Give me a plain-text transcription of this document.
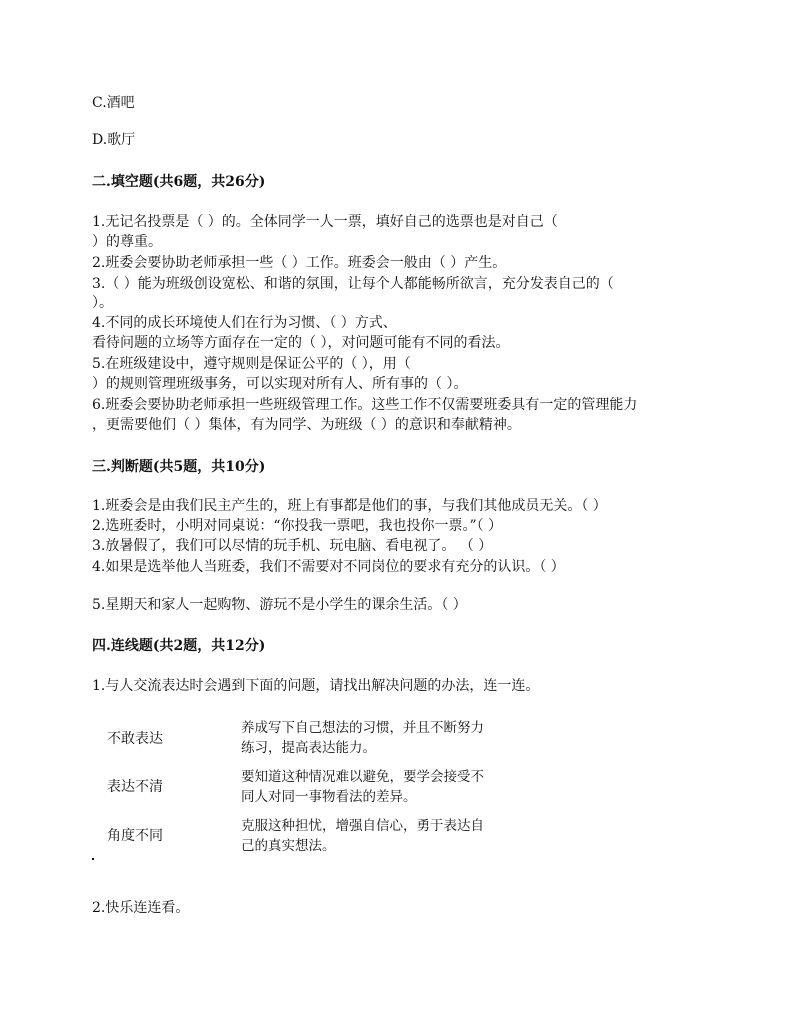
C.酒吧
D.歌厅
二.填空题(共6题，共26分)
1.无记名投票是（ ）的。全体同学一人一票，填好自己的选票也是对自己（
）的尊重。
2.班委会要协助老师承担一些（ ）工作。班委会一般由（ ）产生。
3.（ ）能为班级创设宽松、和谐的氛围，让每个人都能畅所欲言，充分发表自己的（
）。
4.不同的成长环境使人们在行为习惯、（ ）方式、
看待问题的立场等方面存在一定的（ ），对问题可能有不同的看法。
5.在班级建设中，遵守规则是保证公平的（ ），用（
）的规则管理班级事务，可以实现对所有人、所有事的（ ）。
6.班委会要协助老师承担一些班级管理工作。这些工作不仅需要班委具有一定的管理能力
，更需要他们（ ）集体，有为同学、为班级（ ）的意识和奉献精神。
三.判断题(共5题，共10分)
1.班委会是由我们民主产生的，班上有事都是他们的事，与我们其他成员无关。（ ）
2.选班委时，小明对同桌说：“你投我一票吧，我也投你一票。”（ ）
3.放暑假了，我们可以尽情的玩手机、玩电脑、看电视了。 （ ）
4.如果是选举他人当班委，我们不需要对不同岗位的要求有充分的认识。（ ）
5.星期天和家人一起购物、游玩不是小学生的课余生活。（ ）
四.连线题(共2题，共12分)
1.与人交流表达时会遇到下面的问题，请找出解决问题的办法，连一连。
不敢表达
表达不清
角度不同
养成写下自己想法的习惯，并且不断努力
练习，提高表达能力。
要知道这种情况难以避免，要学会接受不
同人对同一事物看法的差异。
克服这种担忧，增强自信心，勇于表达自
己的真实想法。
2.快乐连连看。
